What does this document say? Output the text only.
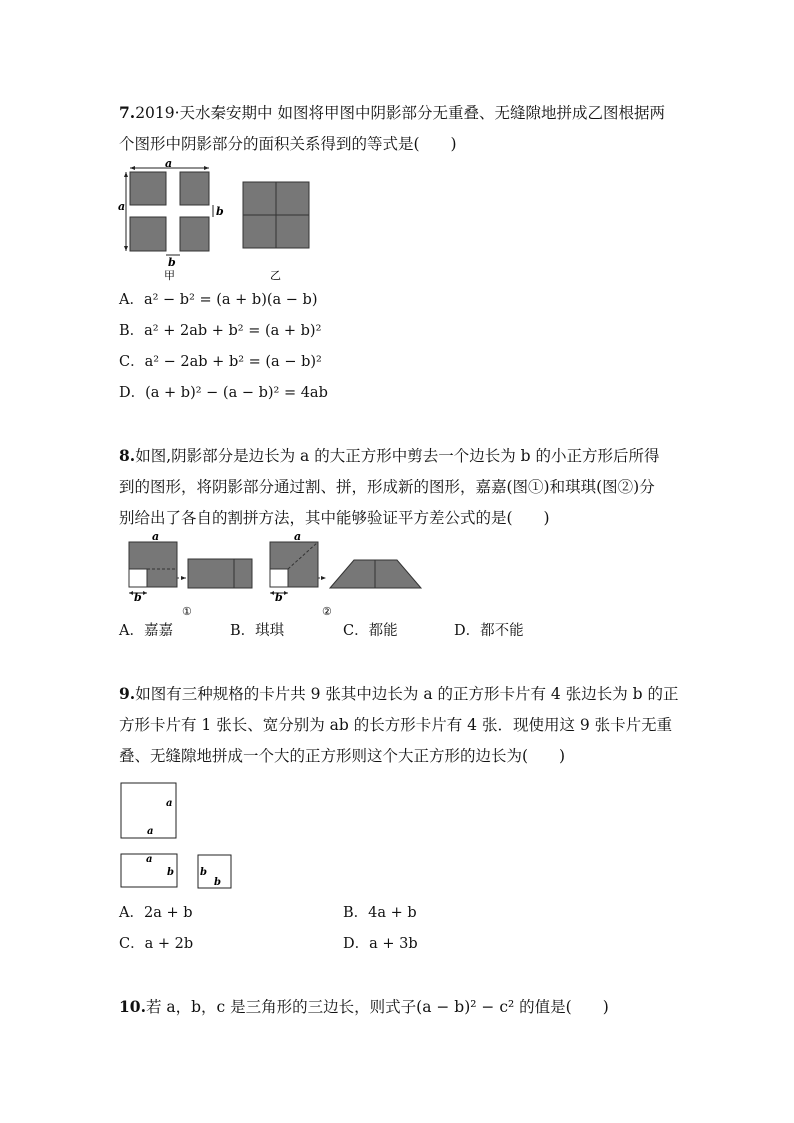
7.2019·天水秦安期中 如图将甲图中阴影部分无重叠、无缝隙地拼成乙图根据两
个图形中阴影部分的面积关系得到的等式是(　　)
a
a	b
b
甲	乙
A．a² − b² = (a + b)(a − b)
B．a² + 2ab + b² = (a + b)²
C．a² − 2ab + b² = (a − b)²
D．(a + b)² − (a − b)² = 4ab
8.如图,阴影部分是边长为 a 的大正方形中剪去一个边长为 b 的小正方形后所得
到的图形，将阴影部分通过割、拼，形成新的图形，嘉嘉(图①)和琪琪(图②)分
别给出了各自的割拼方法，其中能够验证平方差公式的是(　　)
a
b
①
a
b
②
A．嘉嘉	B．琪琪	C．都能	D．都不能
9.如图有三种规格的卡片共 9 张其中边长为 a 的正方形卡片有 4 张边长为 b 的正
方形卡片有 1 张长、宽分别为 ab 的长方形卡片有 4 张．现使用这 9 张卡片无重
叠、无缝隙地拼成一个大的正方形则这个大正方形的边长为(　　)
a
a
a
b	b
b
A．2a + b	B．4a + b
C．a + 2b	D．a + 3b
10.若 a，b，c 是三角形的三边长，则式子(a − b)² − c² 的值是(　　)
